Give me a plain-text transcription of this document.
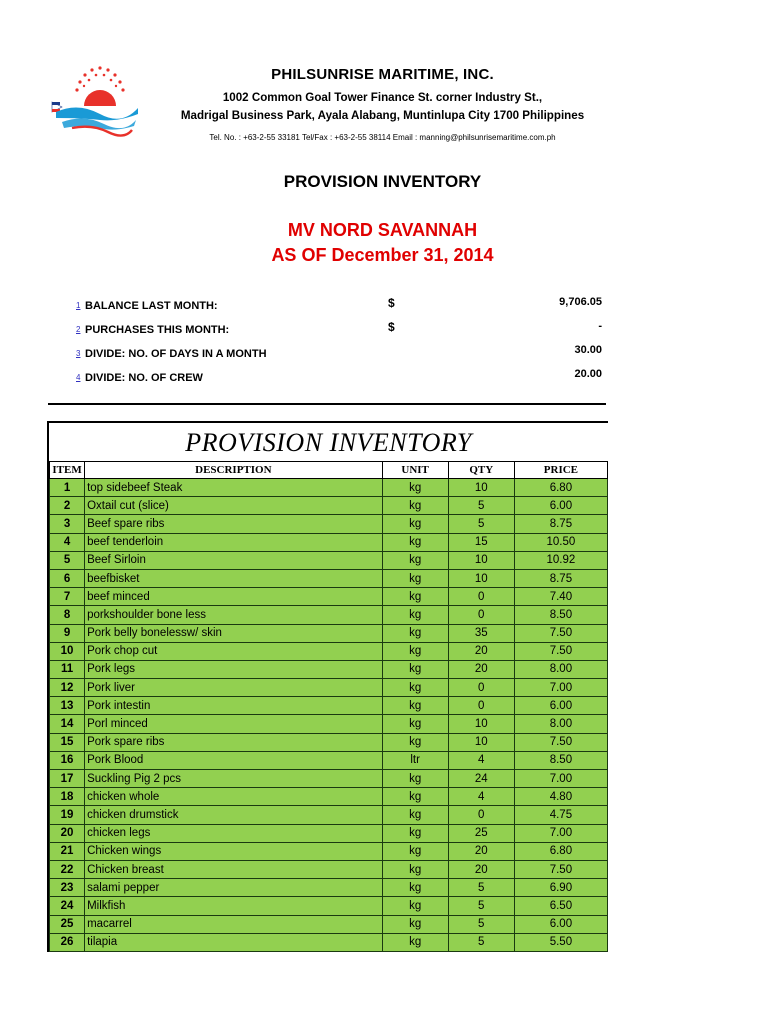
PHILSUNRISE MARITIME, INC.
1002 Common Goal Tower Finance St. corner Industry St.,
Madrigal Business Park, Ayala Alabang, Muntinlupa City 1700 Philippines
Tel. No. : +63-2-55 33181 Tel/Fax : +63-2-55 38114 Email : manning@philsunrisemaritime.com.ph
PROVISION INVENTORY
MV NORD SAVANNAH
AS OF December 31, 2014
1 BALANCE LAST MONTH:	$	9,706.05
2 PURCHASES THIS MONTH:	$	-
3 DIVIDE: NO. OF DAYS IN A MONTH	30.00
4 DIVIDE: NO. OF CREW	20.00
PROVISION INVENTORY
ITEM	DESCRIPTION	UNIT	QTY	PRICE
1	top sidebeef Steak	kg	10	6.80
2	Oxtail cut (slice)	kg	5	6.00
3	Beef spare ribs	kg	5	8.75
4	beef tenderloin	kg	15	10.50
5	Beef Sirloin	kg	10	10.92
6	beefbisket	kg	10	8.75
7	beef minced	kg	0	7.40
8	porkshoulder bone less	kg	0	8.50
9	Pork belly bonelessw/ skin	kg	35	7.50
10	Pork chop cut	kg	20	7.50
11	Pork legs	kg	20	8.00
12	Pork liver	kg	0	7.00
13	Pork intestin	kg	0	6.00
14	Porl minced	kg	10	8.00
15	Pork spare ribs	kg	10	7.50
16	Pork Blood	ltr	4	8.50
17	Suckling Pig 2 pcs	kg	24	7.00
18	chicken whole	kg	4	4.80
19	chicken drumstick	kg	0	4.75
20	chicken legs	kg	25	7.00
21	Chicken wings	kg	20	6.80
22	Chicken breast	kg	20	7.50
23	salami pepper	kg	5	6.90
24	Milkfish	kg	5	6.50
25	macarrel	kg	5	6.00
26	tilapia	kg	5	5.50
